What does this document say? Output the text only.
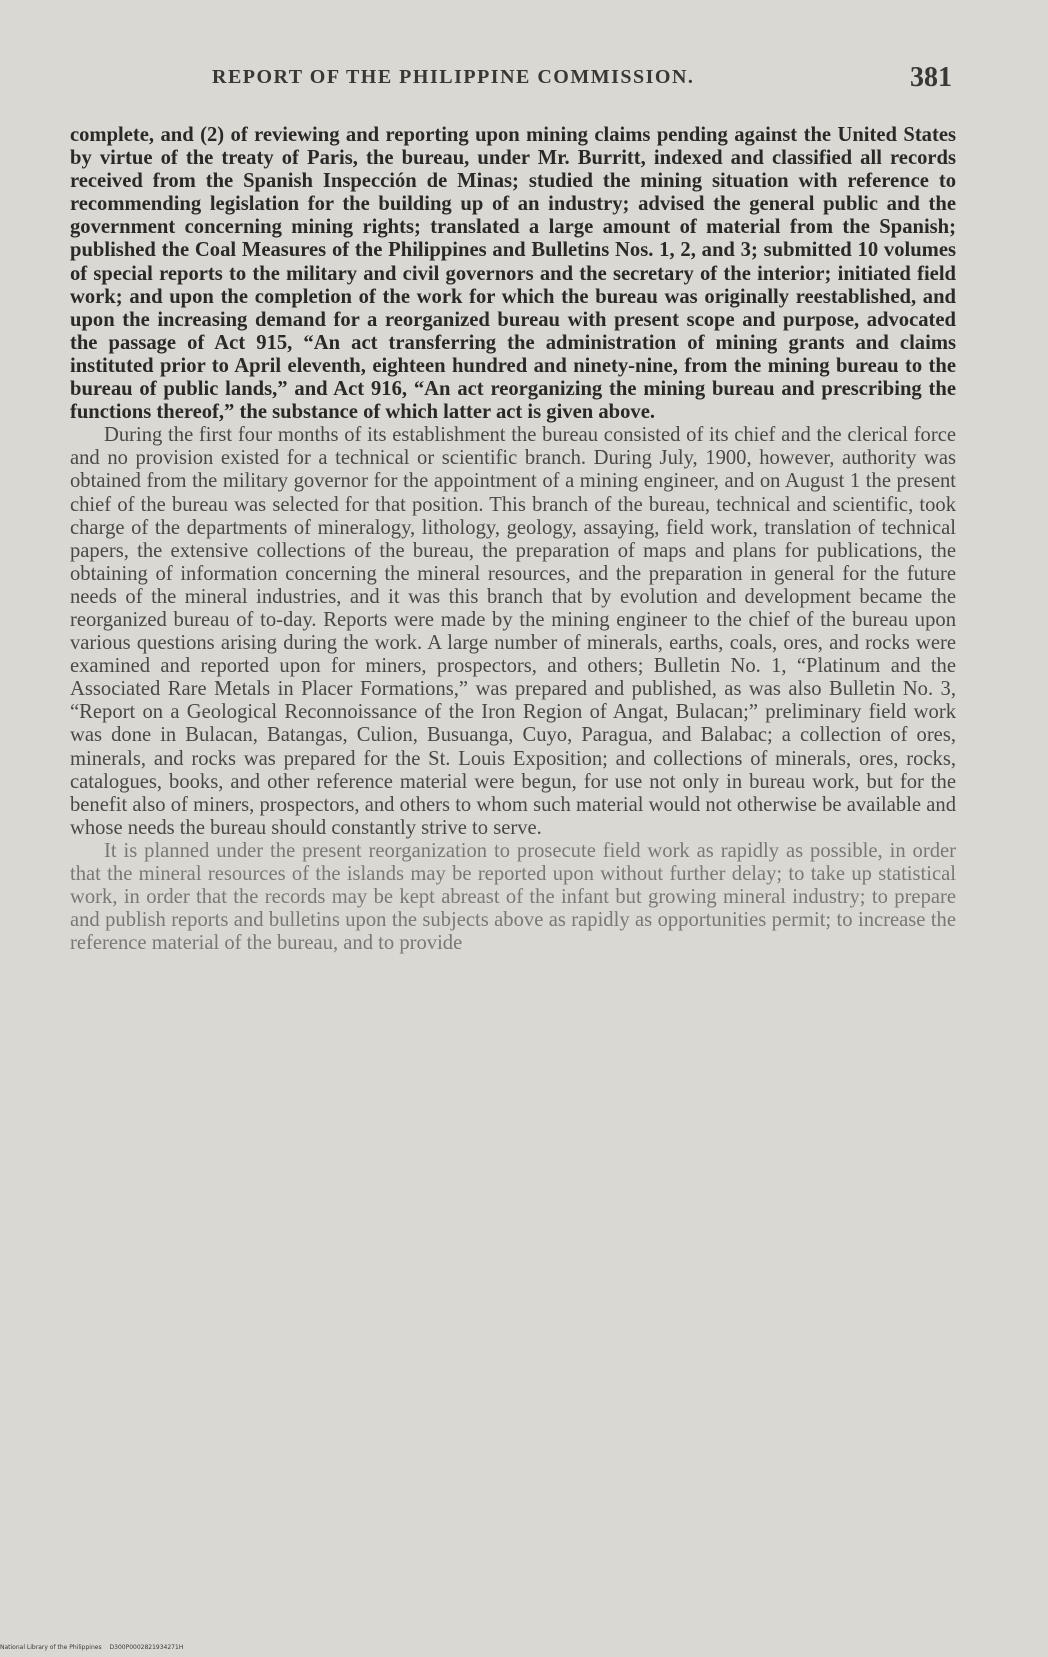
REPORT OF THE PHILIPPINE COMMISSION.	381

complete, and (2) of reviewing and reporting upon mining claims pending against the United States by virtue of the treaty of Paris, the bureau, under Mr. Burritt, indexed and classified all records received from the Spanish Inspección de Minas; studied the mining situation with reference to recommending legislation for the building up of an industry; advised the general public and the government concerning mining rights; translated a large amount of material from the Spanish; published the Coal Measures of the Philippines and Bulletins Nos. 1, 2, and 3; submitted 10 volumes of special reports to the military and civil governors and the secretary of the interior; initiated field work; and upon the completion of the work for which the bureau was originally reestablished, and upon the increasing demand for a reorganized bureau with present scope and purpose, advocated the passage of Act 915, “An act transferring the administration of mining grants and claims instituted prior to April eleventh, eighteen hundred and ninety-nine, from the mining bureau to the bureau of public lands,” and Act 916, “An act reorganizing the mining bureau and prescribing the functions thereof,” the substance of which latter act is given above.

During the first four months of its establishment the bureau consisted of its chief and the clerical force and no provision existed for a technical or scientific branch. During July, 1900, however, authority was obtained from the military governor for the appointment of a mining engineer, and on August 1 the present chief of the bureau was selected for that position. This branch of the bureau, technical and scientific, took charge of the departments of mineralogy, lithology, geology, assaying, field work, translation of technical papers, the extensive collections of the bureau, the preparation of maps and plans for publications, the obtaining of information concerning the mineral resources, and the preparation in general for the future needs of the mineral industries, and it was this branch that by evolution and development became the reorganized bureau of to-day. Reports were made by the mining engineer to the chief of the bureau upon various questions arising during the work. A large number of minerals, earths, coals, ores, and rocks were examined and reported upon for miners, prospectors, and others; Bulletin No. 1, “Platinum and the Associated Rare Metals in Placer Formations,” was prepared and published, as was also Bulletin No. 3, “Report on a Geological Reconnoissance of the Iron Region of Angat, Bulacan;” preliminary field work was done in Bulacan, Batangas, Culion, Busuanga, Cuyo, Paragua, and Balabac; a collection of ores, minerals, and rocks was prepared for the St. Louis Exposition; and collections of minerals, ores, rocks, catalogues, books, and other reference material were begun, for use not only in bureau work, but for the benefit also of miners, prospectors, and others to whom such material would not otherwise be available and whose needs the bureau should constantly strive to serve.

It is planned under the present reorganization to prosecute field work as rapidly as possible, in order that the mineral resources of the islands may be reported upon without further delay; to take up statistical work, in order that the records may be kept abreast of the infant but growing mineral industry; to prepare and publish reports and bulletins upon the subjects above as rapidly as opportunities permit; to increase the reference material of the bureau, and to provide

National Library of the Philippines D300P0002821934271H
